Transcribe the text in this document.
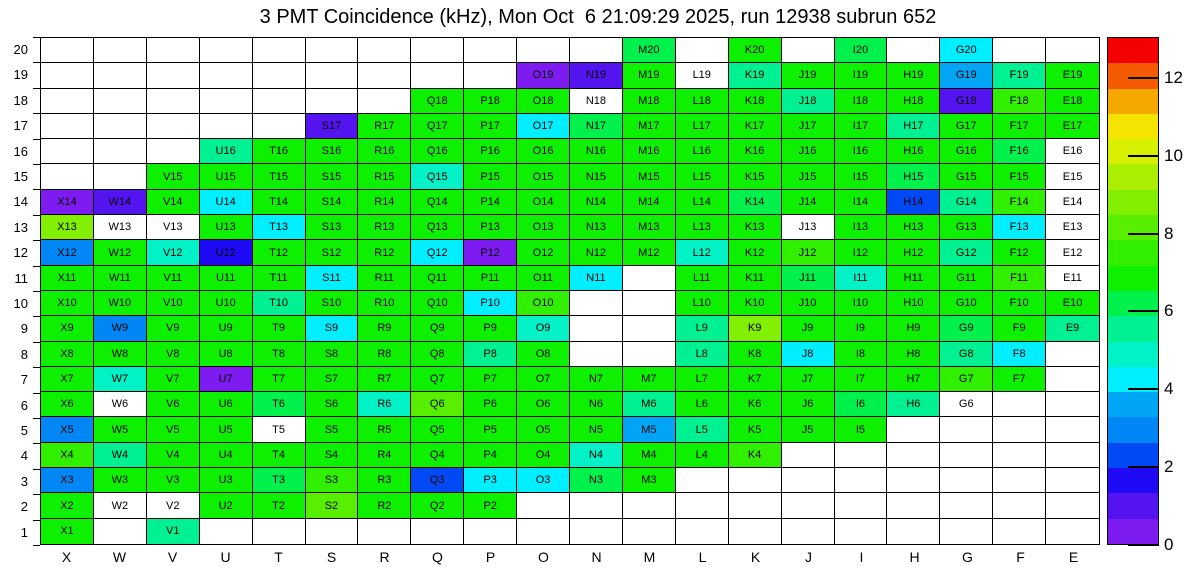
3 PMT Coincidence (kHz), Mon Oct  6 21:09:29 2025, run 12938 subrun 652
M20	K20	I20	G20
O19	N19	M19	L19	K19	J19	I19	H19	G19	F19	E19
Q18	P18	O18	N18	M18	L18	K18	J18	I18	H18	G18	F18	E18
S17	R17	Q17	P17	O17	N17	M17	L17	K17	J17	I17	H17	G17	F17	E17
U16	T16	S16	R16	Q16	P16	O16	N16	M16	L16	K16	J16	I16	H16	G16	F16	E16
V15	U15	T15	S15	R15	Q15	P15	O15	N15	M15	L15	K15	J15	I15	H15	G15	F15	E15
X14	W14	V14	U14	T14	S14	R14	Q14	P14	O14	N14	M14	L14	K14	J14	I14	H14	G14	F14	E14
X13	W13	V13	U13	T13	S13	R13	Q13	P13	O13	N13	M13	L13	K13	J13	I13	H13	G13	F13	E13
X12	W12	V12	U12	T12	S12	R12	Q12	P12	O12	N12	M12	L12	K12	J12	I12	H12	G12	F12	E12
X11	W11	V11	U11	T11	S11	R11	Q11	P11	O11	N11	L11	K11	J11	I11	H11	G11	F11	E11
X10	W10	V10	U10	T10	S10	R10	Q10	P10	O10	L10	K10	J10	I10	H10	G10	F10	E10
X9	W9	V9	U9	T9	S9	R9	Q9	P9	O9	L9	K9	J9	I9	H9	G9	F9	E9
X8	W8	V8	U8	T8	S8	R8	Q8	P8	O8	L8	K8	J8	I8	H8	G8	F8
X7	W7	V7	U7	T7	S7	R7	Q7	P7	O7	N7	M7	L7	K7	J7	I7	H7	G7	F7
X6	W6	V6	U6	T6	S6	R6	Q6	P6	O6	N6	M6	L6	K6	J6	I6	H6	G6
X5	W5	V5	U5	T5	S5	R5	Q5	P5	O5	N5	M5	L5	K5	J5	I5
X4	W4	V4	U4	T4	S4	R4	Q4	P4	O4	N4	M4	L4	K4
X3	W3	V3	U3	T3	S3	R3	Q3	P3	O3	N3	M3
X2	W2	V2	U2	T2	S2	R2	Q2	P2
X1	V1
20
19
18
17
16
15
14
13
12
11
10
9
8
7
6
5
4
3
2
1
X	W	V	U	T	S	R	Q	P	O	N	M	L	K	J	I	H	G	F	E
0
2
4
6
8
10
12
